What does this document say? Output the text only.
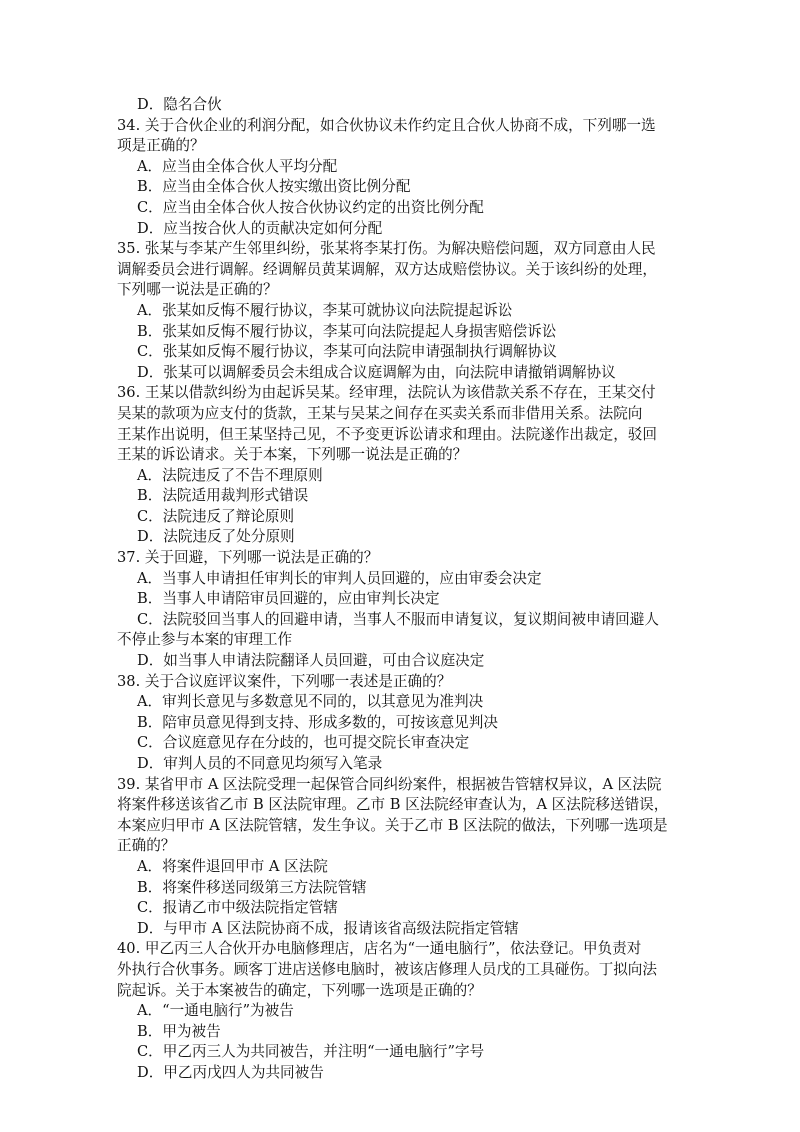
D．隐名合伙

34. 关于合伙企业的利润分配，如合伙协议未作约定且合伙人协商不成，下列哪一选

项是正确的？

A．应当由全体合伙人平均分配

B．应当由全体合伙人按实缴出资比例分配

C．应当由全体合伙人按合伙协议约定的出资比例分配

D．应当按合伙人的贡献决定如何分配

35. 张某与李某产生邻里纠纷，张某将李某打伤。为解决赔偿问题，双方同意由人民

调解委员会进行调解。经调解员黄某调解，双方达成赔偿协议。关于该纠纷的处理，

下列哪一说法是正确的？

A．张某如反悔不履行协议，李某可就协议向法院提起诉讼

B．张某如反悔不履行协议，李某可向法院提起人身损害赔偿诉讼

C．张某如反悔不履行协议，李某可向法院申请强制执行调解协议

D．张某可以调解委员会未组成合议庭调解为由，向法院申请撤销调解协议

36. 王某以借款纠纷为由起诉吴某。经审理，法院认为该借款关系不存在，王某交付

吴某的款项为应支付的货款，王某与吴某之间存在买卖关系而非借用关系。法院向

王某作出说明，但王某坚持己见，不予变更诉讼请求和理由。法院遂作出裁定，驳回

王某的诉讼请求。关于本案，下列哪一说法是正确的？

A．法院违反了不告不理原则

B．法院适用裁判形式错误

C．法院违反了辩论原则

D．法院违反了处分原则

37. 关于回避，下列哪一说法是正确的？

A．当事人申请担任审判长的审判人员回避的，应由审委会决定

B．当事人申请陪审员回避的，应由审判长决定

C．法院驳回当事人的回避申请，当事人不服而申请复议，复议期间被申请回避人

不停止参与本案的审理工作

D．如当事人申请法院翻译人员回避，可由合议庭决定

38. 关于合议庭评议案件，下列哪一表述是正确的？

A．审判长意见与多数意见不同的，以其意见为准判决

B．陪审员意见得到支持、形成多数的，可按该意见判决

C．合议庭意见存在分歧的，也可提交院长审查决定

D．审判人员的不同意见均须写入笔录

39. 某省甲市 A 区法院受理一起保管合同纠纷案件，根据被告管辖权异议，A 区法院

将案件移送该省乙市 B 区法院审理。乙市 B 区法院经审查认为，A 区法院移送错误，

本案应归甲市 A 区法院管辖，发生争议。关于乙市 B 区法院的做法，下列哪一选项是

正确的？

A．将案件退回甲市 A 区法院

B．将案件移送同级第三方法院管辖

C．报请乙市中级法院指定管辖

D．与甲市 A 区法院协商不成，报请该省高级法院指定管辖

40. 甲乙丙三人合伙开办电脑修理店，店名为“一通电脑行”，依法登记。甲负责对

外执行合伙事务。顾客丁进店送修电脑时，被该店修理人员戊的工具碰伤。丁拟向法

院起诉。关于本案被告的确定，下列哪一选项是正确的？

A．“一通电脑行”为被告

B．甲为被告

C．甲乙丙三人为共同被告，并注明“一通电脑行”字号

D．甲乙丙戊四人为共同被告
